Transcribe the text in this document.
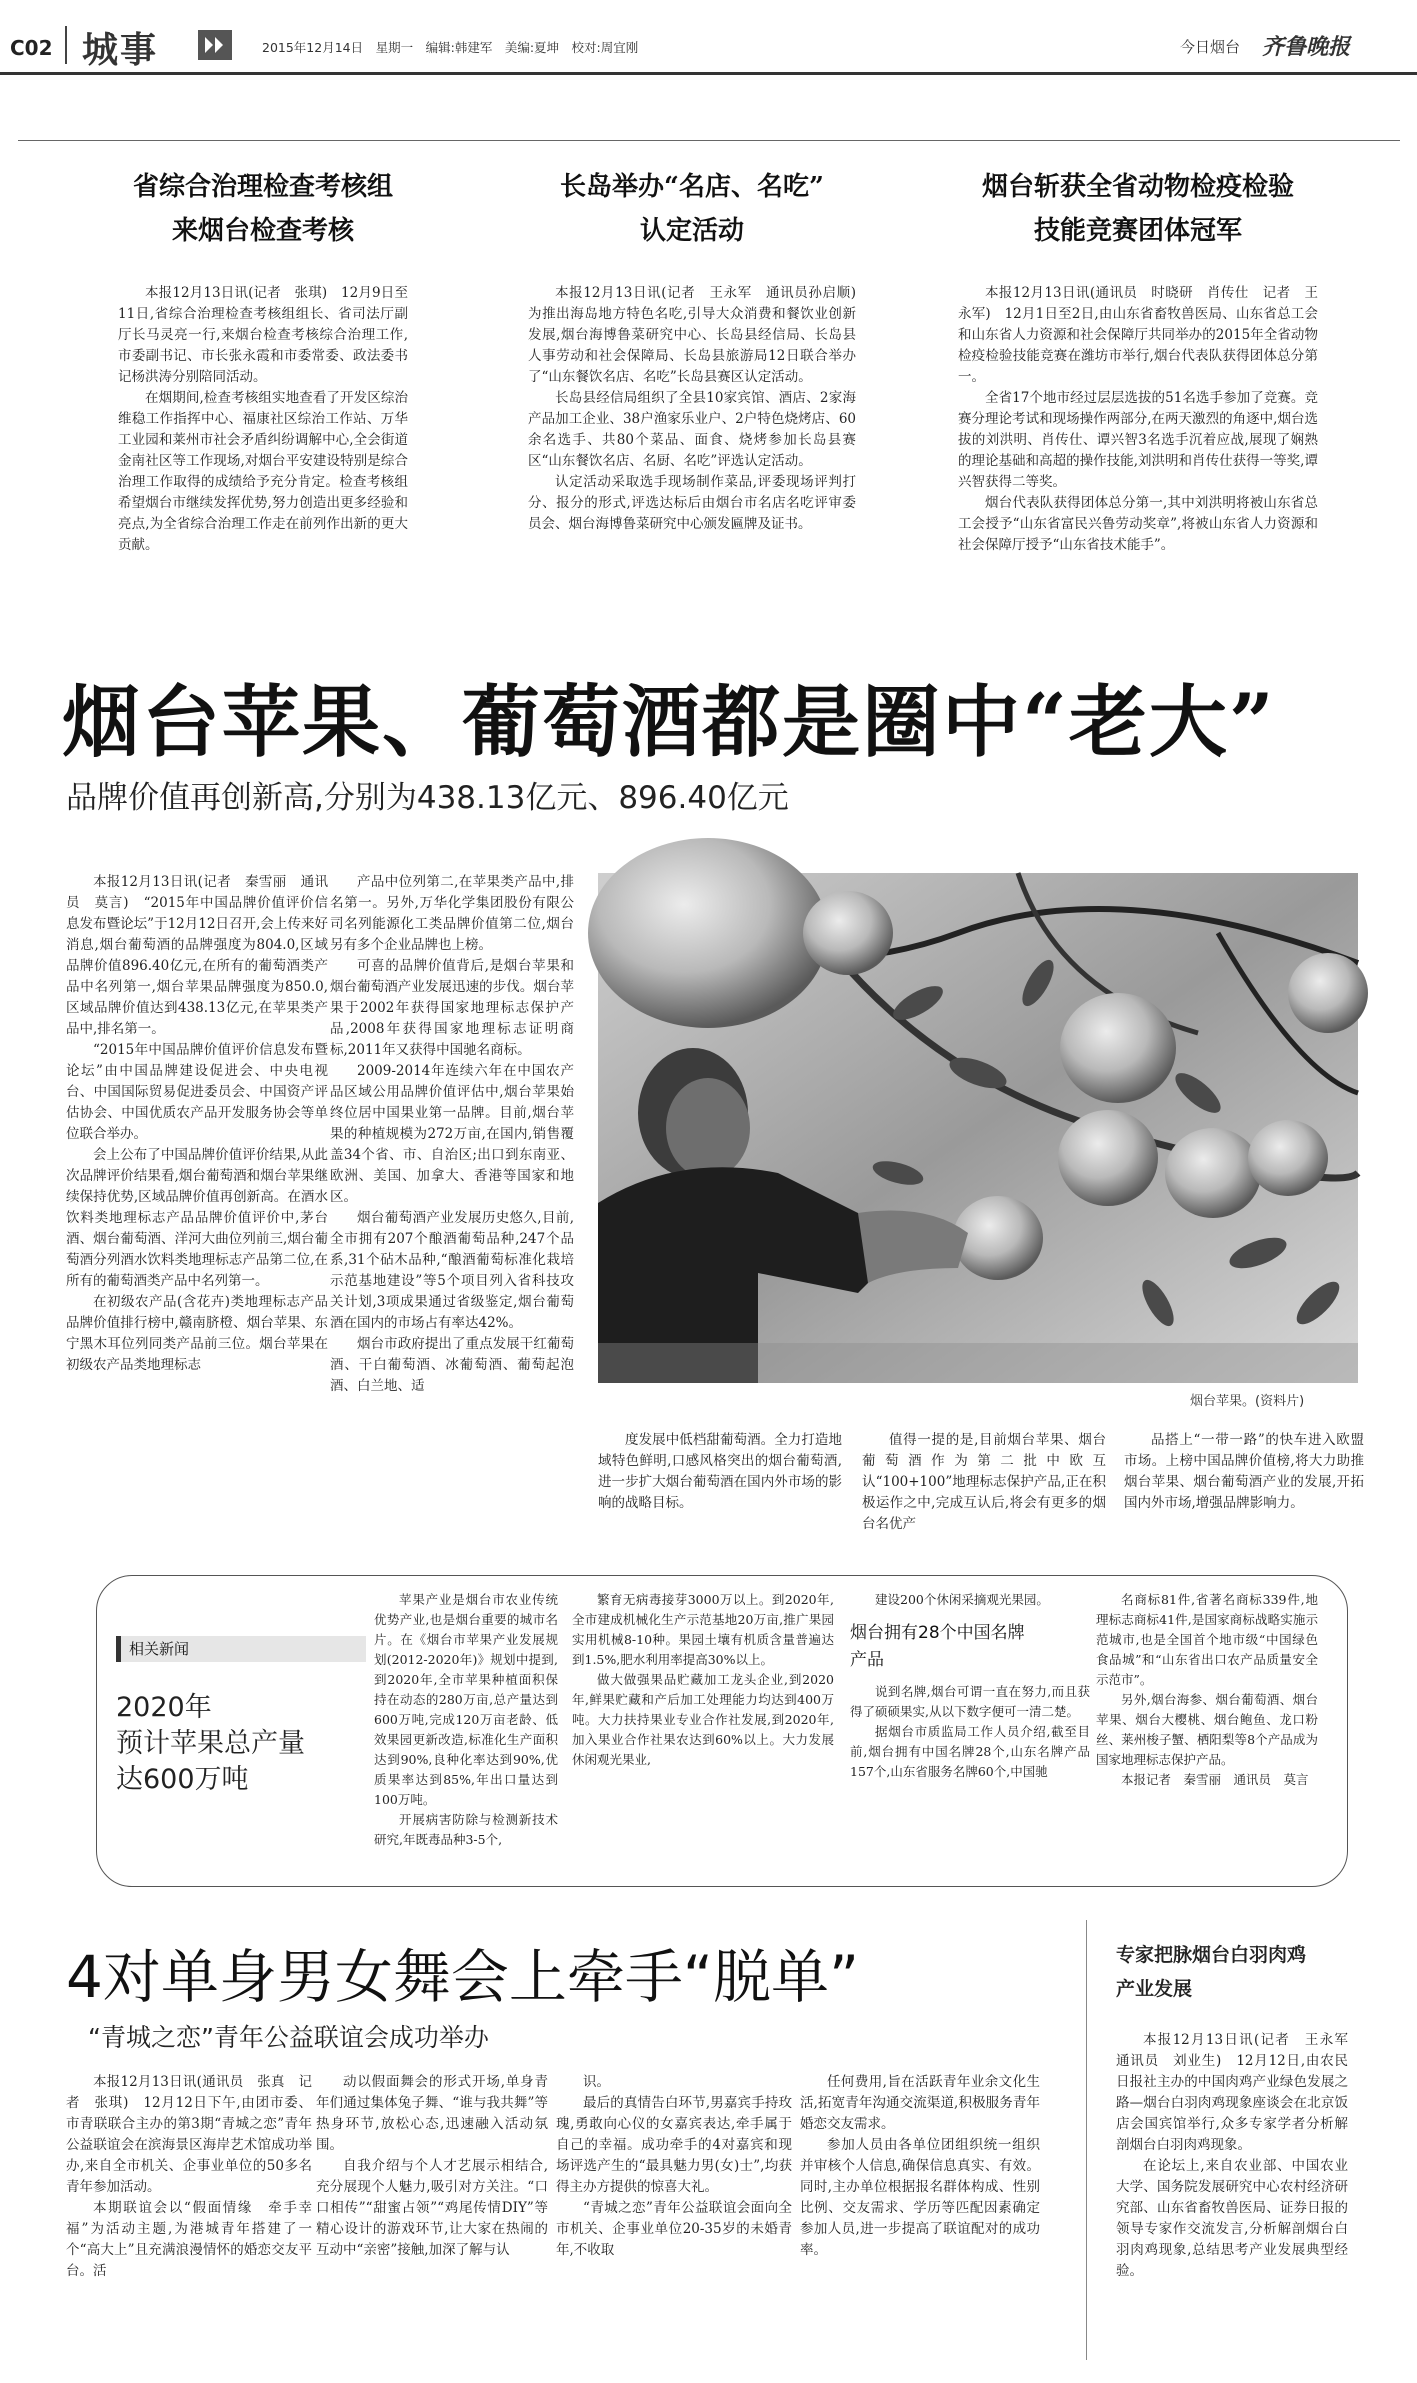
C02 城事	2015年12月14日　星期一　编辑:韩建军　美编:夏坤　校对:周宜刚	今日烟台 齐鲁晚报
省综合治理检查考核组
来烟台检查考核

本报12月13日讯(记者　张琪)　12月9日至11日,省综合治理检查考核组组长、省司法厅副厅长马灵亮一行,来烟台检查考核综合治理工作,市委副书记、市长张永霞和市委常委、政法委书记杨洪涛分别陪同活动。

在烟期间,检查考核组实地查看了开发区综治维稳工作指挥中心、福康社区综治工作站、万华工业园和莱州市社会矛盾纠纷调解中心,全会街道金南社区等工作现场,对烟台平安建设特别是综合治理工作取得的成绩给予充分肯定。检查考核组希望烟台市继续发挥优势,努力创造出更多经验和亮点,为全省综合治理工作走在前列作出新的更大贡献。

长岛举办“名店、名吃”
认定活动

本报12月13日讯(记者　王永军　通讯员孙启顺)　为推出海岛地方特色名吃,引导大众消费和餐饮业创新发展,烟台海博鲁菜研究中心、长岛县经信局、长岛县人事劳动和社会保障局、长岛县旅游局12日联合举办了“山东餐饮名店、名吃”长岛县赛区认定活动。

长岛县经信局组织了全县10家宾馆、酒店、2家海产品加工企业、38户渔家乐业户、2户特色烧烤店、60余名选手、共80个菜品、面食、烧烤参加长岛县赛区“山东餐饮名店、名厨、名吃”评选认定活动。

认定活动采取选手现场制作菜品,评委现场评判打分、报分的形式,评选达标后由烟台市名店名吃评审委员会、烟台海博鲁菜研究中心颁发匾牌及证书。

烟台斩获全省动物检疫检验
技能竞赛团体冠军

本报12月13日讯(通讯员　时晓研　肖传仕　记者　王永军)　12月1日至2日,由山东省畜牧兽医局、山东省总工会和山东省人力资源和社会保障厅共同举办的2015年全省动物检疫检验技能竞赛在潍坊市举行,烟台代表队获得团体总分第一。

全省17个地市经过层层选拔的51名选手参加了竞赛。竞赛分理论考试和现场操作两部分,在两天激烈的角逐中,烟台选拔的刘洪明、肖传仕、谭兴智3名选手沉着应战,展现了娴熟的理论基础和高超的操作技能,刘洪明和肖传仕获得一等奖,谭兴智获得二等奖。

烟台代表队获得团体总分第一,其中刘洪明将被山东省总工会授予“山东省富民兴鲁劳动奖章”,将被山东省人力资源和社会保障厅授予“山东省技术能手”。

烟台苹果、葡萄酒都是圈中“老大”
品牌价值再创新高,分别为438.13亿元、896.40亿元

本报12月13日讯(记者　秦雪丽　通讯员　莫言)　“2015年中国品牌价值评价信息发布暨论坛”于12月12日召开,会上传来好消息,烟台葡萄酒的品牌强度为804.0,区域品牌价值896.40亿元,在所有的葡萄酒类产品中名列第一,烟台苹果品牌强度为850.0,区域品牌价值达到438.13亿元,在苹果类产品中,排名第一。

“2015年中国品牌价值评价信息发布暨论坛”由中国品牌建设促进会、中央电视台、中国国际贸易促进委员会、中国资产评估协会、中国优质农产品开发服务协会等单位联合举办。

会上公布了中国品牌价值评价结果,从此次品牌评价结果看,烟台葡萄酒和烟台苹果继续保持优势,区域品牌价值再创新高。在酒水饮料类地理标志产品品牌价值评价中,茅台酒、烟台葡萄酒、洋河大曲位列前三,烟台葡萄酒分列酒水饮料类地理标志产品第二位,在所有的葡萄酒类产品中名列第一。

在初级农产品(含花卉)类地理标志产品品牌价值排行榜中,赣南脐橙、烟台苹果、东宁黑木耳位列同类产品前三位。烟台苹果在初级农产品类地理标志

产品中位列第二,在苹果类产品中,排名第一。另外,万华化学集团股份有限公司名列能源化工类品牌价值第二位,烟台另有多个企业品牌也上榜。

可喜的品牌价值背后,是烟台苹果和烟台葡萄酒产业发展迅速的步伐。烟台苹果于2002年获得国家地理标志保护产品,2008年获得国家地理标志证明商标,2011年又获得中国驰名商标。

2009-2014年连续六年在中国农产品区域公用品牌价值评估中,烟台苹果始终位居中国果业第一品牌。目前,烟台苹果的种植规模为272万亩,在国内,销售覆盖34个省、市、自治区;出口到东南亚、欧洲、美国、加拿大、香港等国家和地区。

烟台葡萄酒产业发展历史悠久,目前,全市拥有207个酿酒葡萄品种,247个品系,31个砧木品种,“酿酒葡萄标准化栽培示范基地建设”等5个项目列入省科技攻关计划,3项成果通过省级鉴定,烟台葡萄酒在国内的市场占有率达42%。

烟台市政府提出了重点发展干红葡萄酒、干白葡萄酒、冰葡萄酒、葡萄起泡酒、白兰地、适

烟台苹果。(资料片)

度发展中低档甜葡萄酒。全力打造地域特色鲜明,口感风格突出的烟台葡萄酒,进一步扩大烟台葡萄酒在国内外市场的影响的战略目标。

值得一提的是,目前烟台苹果、烟台葡萄酒作为第二批中欧互认“100+100”地理标志保护产品,正在积极运作之中,完成互认后,将会有更多的烟台名优产

品搭上“一带一路”的快车进入欧盟市场。上榜中国品牌价值榜,将大力助推烟台苹果、烟台葡萄酒产业的发展,开拓国内外市场,增强品牌影响力。

相关新闻
2020年
预计苹果总产量
达600万吨

苹果产业是烟台市农业传统优势产业,也是烟台重要的城市名片。在《烟台市苹果产业发展规划(2012-2020年)》规划中提到,到2020年,全市苹果种植面积保持在动态的280万亩,总产量达到600万吨,完成120万亩老龄、低效果园更新改造,标准化生产面积达到90%,良种化率达到90%,优质果率达到85%,年出口量达到100万吨。

开展病害防除与检测新技术研究,年既毒品种3-5个,

繁育无病毒接芽3000万以上。到2020年,全市建成机械化生产示范基地20万亩,推广果园实用机械8-10种。果园土壤有机质含量普遍达到1.5%,肥水利用率提高30%以上。

做大做强果品贮藏加工龙头企业,到2020年,鲜果贮藏和产后加工处理能力均达到400万吨。大力扶持果业专业合作社发展,到2020年,加入果业合作社果农达到60%以上。大力发展休闲观光果业,

建设200个休闲采摘观光果园。
烟台拥有28个中国名牌
产品

说到名牌,烟台可谓一直在努力,而且获得了硕硕果实,从以下数字便可一清二楚。

据烟台市质监局工作人员介绍,截至目前,烟台拥有中国名牌28个,山东名牌产品157个,山东省服务名牌60个,中国驰

名商标81件,省著名商标339件,地理标志商标41件,是国家商标战略实施示范城市,也是全国首个地市级“中国绿色食品城”和“山东省出口农产品质量安全示范市”。

另外,烟台海参、烟台葡萄酒、烟台苹果、烟台大樱桃、烟台鲍鱼、龙口粉丝、莱州梭子蟹、栖阳梨等8个产品成为国家地理标志保护产品。

本报记者　秦雪丽　通讯员　莫言

4对单身男女舞会上牵手“脱单”
“青城之恋”青年公益联谊会成功举办

本报12月13日讯(通讯员　张真　记者　张琪)　12月12日下午,由团市委、市青联联合主办的第3期“青城之恋”青年公益联谊会在滨海景区海岸艺术馆成功举办,来自全市机关、企事业单位的50多名青年参加活动。

本期联谊会以“假面情缘　牵手幸福”为活动主题,为港城青年搭建了一个“高大上”且充满浪漫情怀的婚恋交友平台。活

动以假面舞会的形式开场,单身青年们通过集体兔子舞、“谁与我共舞”等热身环节,放松心态,迅速融入活动氛围。

自我介绍与个人才艺展示相结合,充分展现个人魅力,吸引对方关注。“口口相传”“甜蜜占领”“鸡尾传情DIY”等精心设计的游戏环节,让大家在热闹的互动中“亲密”接触,加深了解与认

识。

最后的真情告白环节,男嘉宾手持玫瑰,勇敢向心仪的女嘉宾表达,牵手属于自己的幸福。成功牵手的4对嘉宾和现场评选产生的“最具魅力男(女)士”,均获得主办方提供的惊喜大礼。

“青城之恋”青年公益联谊会面向全市机关、企事业单位20-35岁的未婚青年,不收取

任何费用,旨在活跃青年业余文化生活,拓宽青年沟通交流渠道,积极服务青年婚恋交友需求。

参加人员由各单位团组织统一组织并审核个人信息,确保信息真实、有效。同时,主办单位根据报名群体构成、性别比例、交友需求、学历等匹配因素确定参加人员,进一步提高了联谊配对的成功率。

专家把脉烟台白羽肉鸡
产业发展

本报12月13日讯(记者　王永军　通讯员　刘业生)　12月12日,由农民日报社主办的中国肉鸡产业绿色发展之路—烟台白羽肉鸡现象座谈会在北京饭店会国宾馆举行,众多专家学者分析解剖烟台白羽肉鸡现象。

在论坛上,来自农业部、中国农业大学、国务院发展研究中心农村经济研究部、山东省畜牧兽医局、证券日报的领导专家作交流发言,分析解剖烟台白羽肉鸡现象,总结思考产业发展典型经验。
